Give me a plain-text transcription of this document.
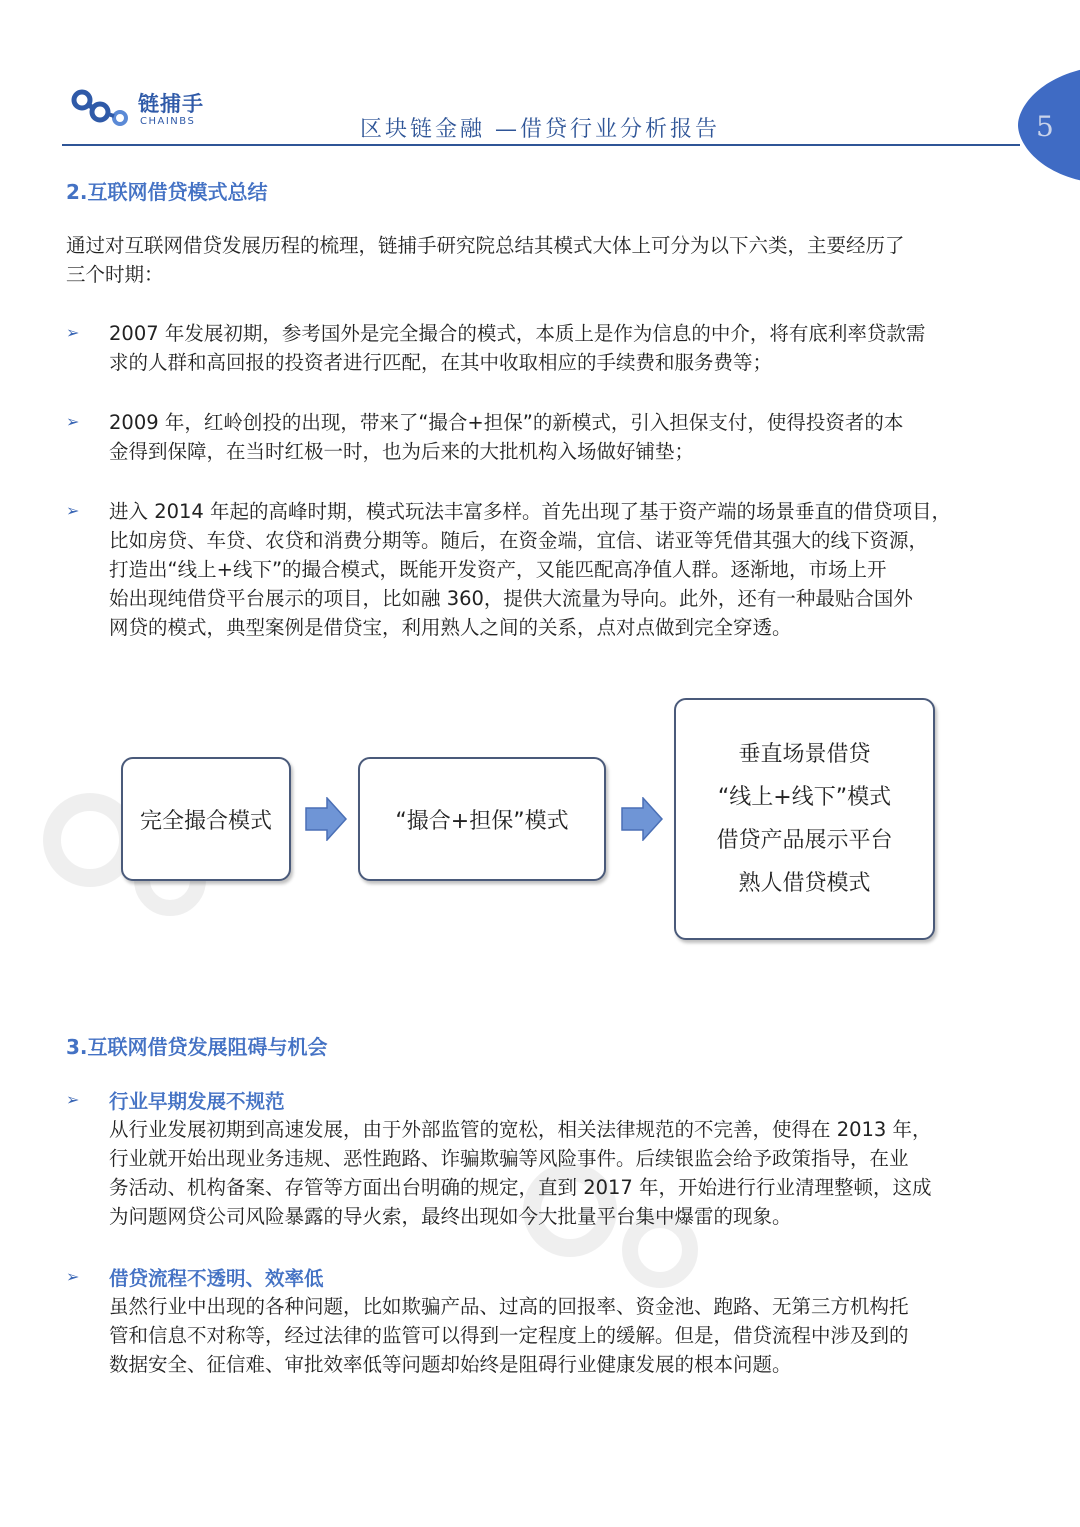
链捕手
CHAINBS	区块链金融 —借贷行业分析报告	5
2.互联网借贷模式总结
通过对互联网借贷发展历程的梳理，链捕手研究院总结其模式大体上可分为以下六类，主要经历了
三个时期：
➢ 2007 年发展初期，参考国外是完全撮合的模式，本质上是作为信息的中介，将有底利率贷款需
求的人群和高回报的投资者进行匹配，在其中收取相应的手续费和服务费等；
➢ 2009 年，红岭创投的出现，带来了“撮合+担保”的新模式，引入担保支付，使得投资者的本
金得到保障，在当时红极一时，也为后来的大批机构入场做好铺垫；
➢ 进入 2014 年起的高峰时期，模式玩法丰富多样。首先出现了基于资产端的场景垂直的借贷项目，
比如房贷、车贷、农贷和消费分期等。随后，在资金端，宜信、诺亚等凭借其强大的线下资源，
打造出“线上+线下”的撮合模式，既能开发资产，又能匹配高净值人群。逐渐地，市场上开
始出现纯借贷平台展示的项目，比如融 360，提供大流量为导向。此外，还有一种最贴合国外
网贷的模式，典型案例是借贷宝，利用熟人之间的关系，点对点做到完全穿透。
完全撮合模式	“撮合+担保”模式
垂直场景借贷
“线上+线下”模式
借贷产品展示平台
熟人借贷模式
3.互联网借贷发展阻碍与机会
➢ 行业早期发展不规范
从行业发展初期到高速发展，由于外部监管的宽松，相关法律规范的不完善，使得在 2013 年，
行业就开始出现业务违规、恶性跑路、诈骗欺骗等风险事件。后续银监会给予政策指导，在业
务活动、机构备案、存管等方面出台明确的规定，直到 2017 年，开始进行行业清理整顿，这成
为问题网贷公司风险暴露的导火索，最终出现如今大批量平台集中爆雷的现象。
➢ 借贷流程不透明、效率低
虽然行业中出现的各种问题，比如欺骗产品、过高的回报率、资金池、跑路、无第三方机构托
管和信息不对称等，经过法律的监管可以得到一定程度上的缓解。但是，借贷流程中涉及到的
数据安全、征信难、审批效率低等问题却始终是阻碍行业健康发展的根本问题。
